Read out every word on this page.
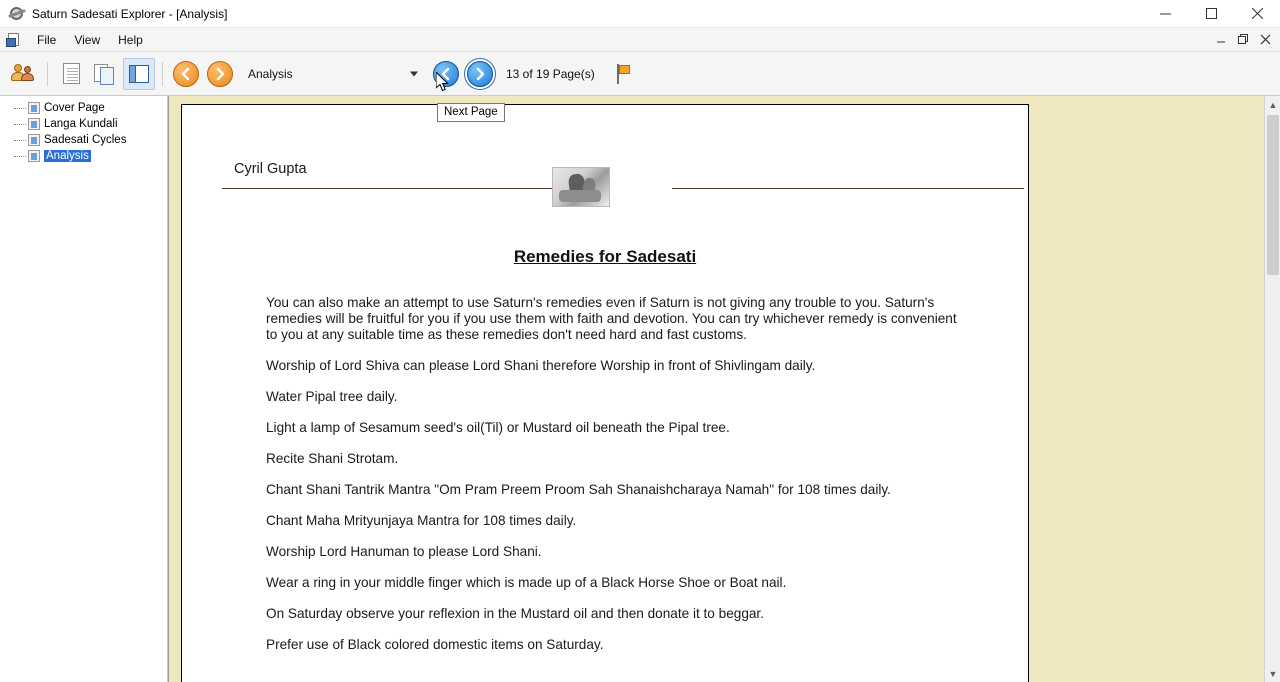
Saturn Sadesati Explorer - [Analysis]
File	View	Help
Analysis	13 of 19 Page(s)
Cover Page
Langa Kundali
Sadesati Cycles
Analysis
Cyril Gupta
Remedies for Sadesati

You can also make an attempt to use Saturn's remedies even if Saturn is not giving any trouble to you. Saturn's remedies will be fruitful for you if you use them with faith and devotion. You can try whichever remedy is convenient to you at any suitable time as these remedies don't need hard and fast customs.

Worship of Lord Shiva can please Lord Shani therefore Worship in front of Shivlingam daily.

Water Pipal tree daily.

Light a lamp of Sesamum seed's oil(Til) or Mustard oil beneath the Pipal tree.

Recite Shani Strotam.

Chant Shani Tantrik Mantra "Om Pram Preem Proom Sah Shanaishcharaya Namah" for 108 times daily.

Chant Maha Mrityunjaya Mantra for 108 times daily.

Worship Lord Hanuman to please Lord Shani.

Wear a ring in your middle finger which is made up of a Black Horse Shoe or Boat nail.

On Saturday observe your reflexion in the Mustard oil and then donate it to beggar.

Prefer use of Black colored domestic items on Saturday.

▲
▼
Next Page
